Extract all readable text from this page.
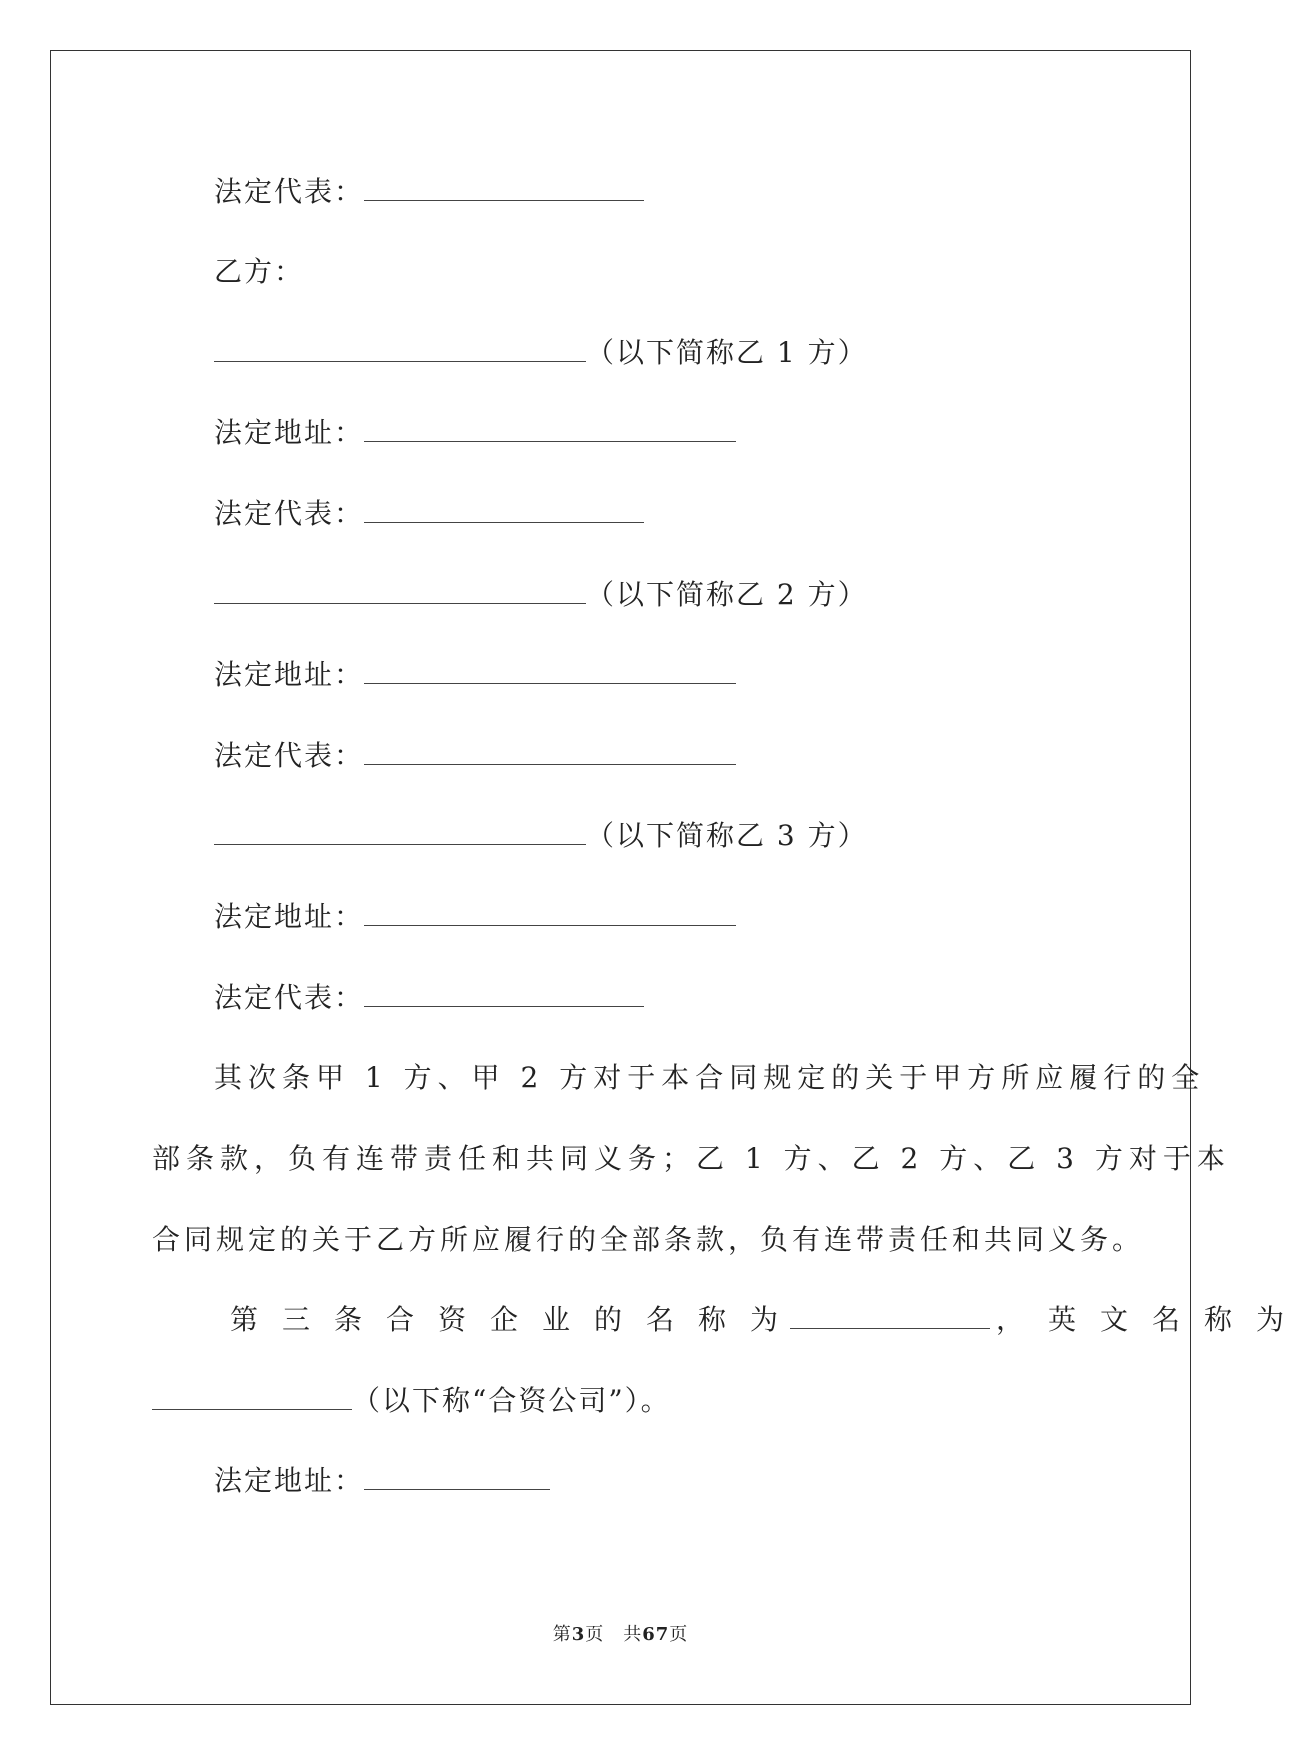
法定代表：
乙方：
（以下简称乙 1 方）
法定地址：
法定代表：
（以下简称乙 2 方）
法定地址：
法定代表：
（以下简称乙 3 方）
法定地址：
法定代表：
其次条甲 1 方、甲 2 方对于本合同规定的关于甲方所应履行的全
部条款，负有连带责任和共同义务；乙 1 方、乙 2 方、乙 3 方对于本
合同规定的关于乙方所应履行的全部条款，负有连带责任和共同义务。
第三条合资企业的名称为	，英文名称为
（以下称“合资公司”）。
法定地址：
第3页　共67页
